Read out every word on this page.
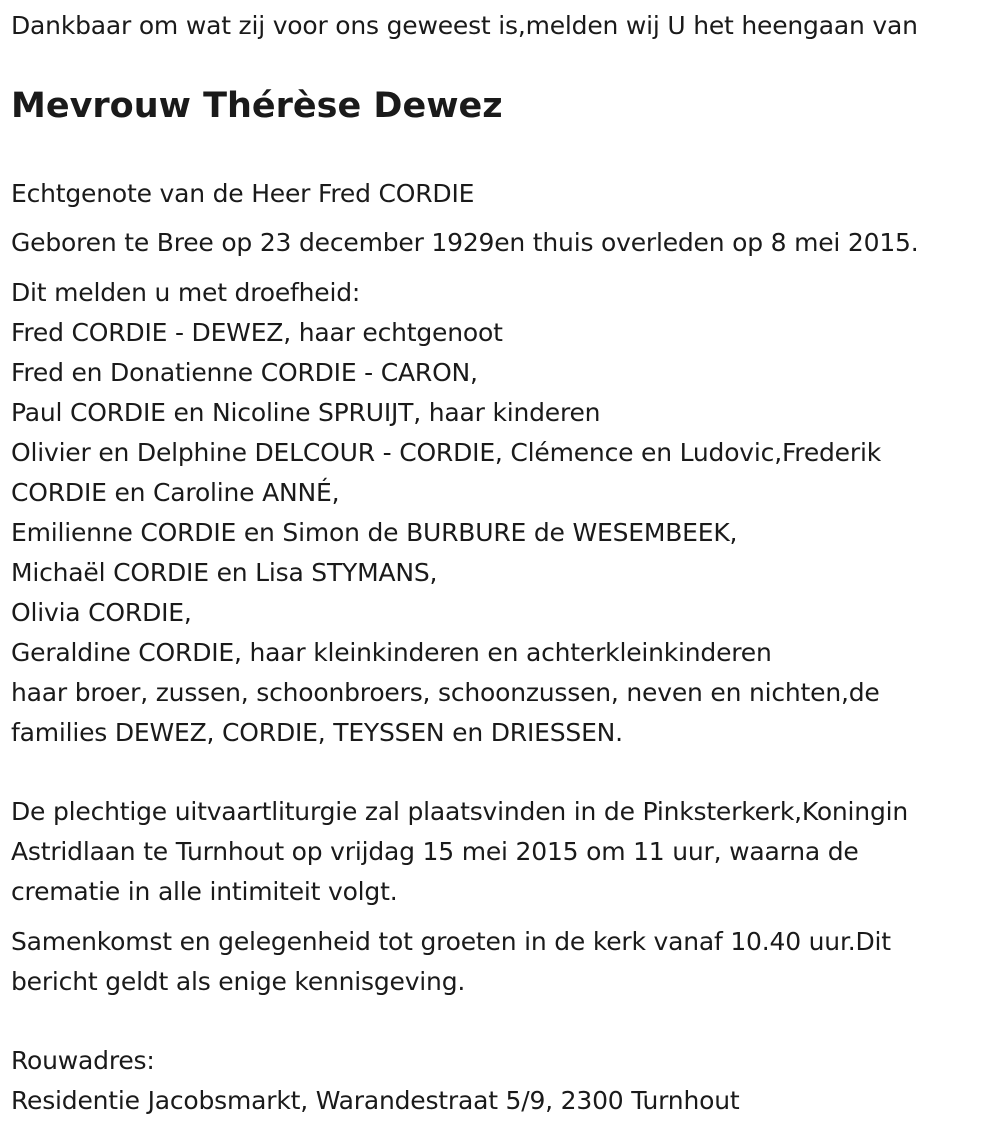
Dankbaar om wat zij voor ons geweest is,melden wij U het heengaan van
Mevrouw Thérèse Dewez
Echtgenote van de Heer Fred CORDIE
Geboren te Bree op 23 december 1929en thuis overleden op 8 mei 2015.
Dit melden u met droefheid:
Fred CORDIE - DEWEZ, haar echtgenoot
Fred en Donatienne CORDIE - CARON,
Paul CORDIE en Nicoline SPRUIJT, haar kinderen
Olivier en Delphine DELCOUR - CORDIE, Clémence en Ludovic,Frederik
CORDIE en Caroline ANNÉ,
Emilienne CORDIE en Simon de BURBURE de WESEMBEEK,
Michaël CORDIE en Lisa STYMANS,
Olivia CORDIE,
Geraldine CORDIE, haar kleinkinderen en achterkleinkinderen
haar broer, zussen, schoonbroers, schoonzussen, neven en nichten,de
families DEWEZ, CORDIE, TEYSSEN en DRIESSEN.
De plechtige uitvaartliturgie zal plaatsvinden in de Pinksterkerk,Koningin
Astridlaan te Turnhout op vrijdag 15 mei 2015 om 11 uur, waarna de
crematie in alle intimiteit volgt.
Samenkomst en gelegenheid tot groeten in de kerk vanaf 10.40 uur.Dit
bericht geldt als enige kennisgeving.
Rouwadres:
Residentie Jacobsmarkt, Warandestraat 5/9, 2300 Turnhout
